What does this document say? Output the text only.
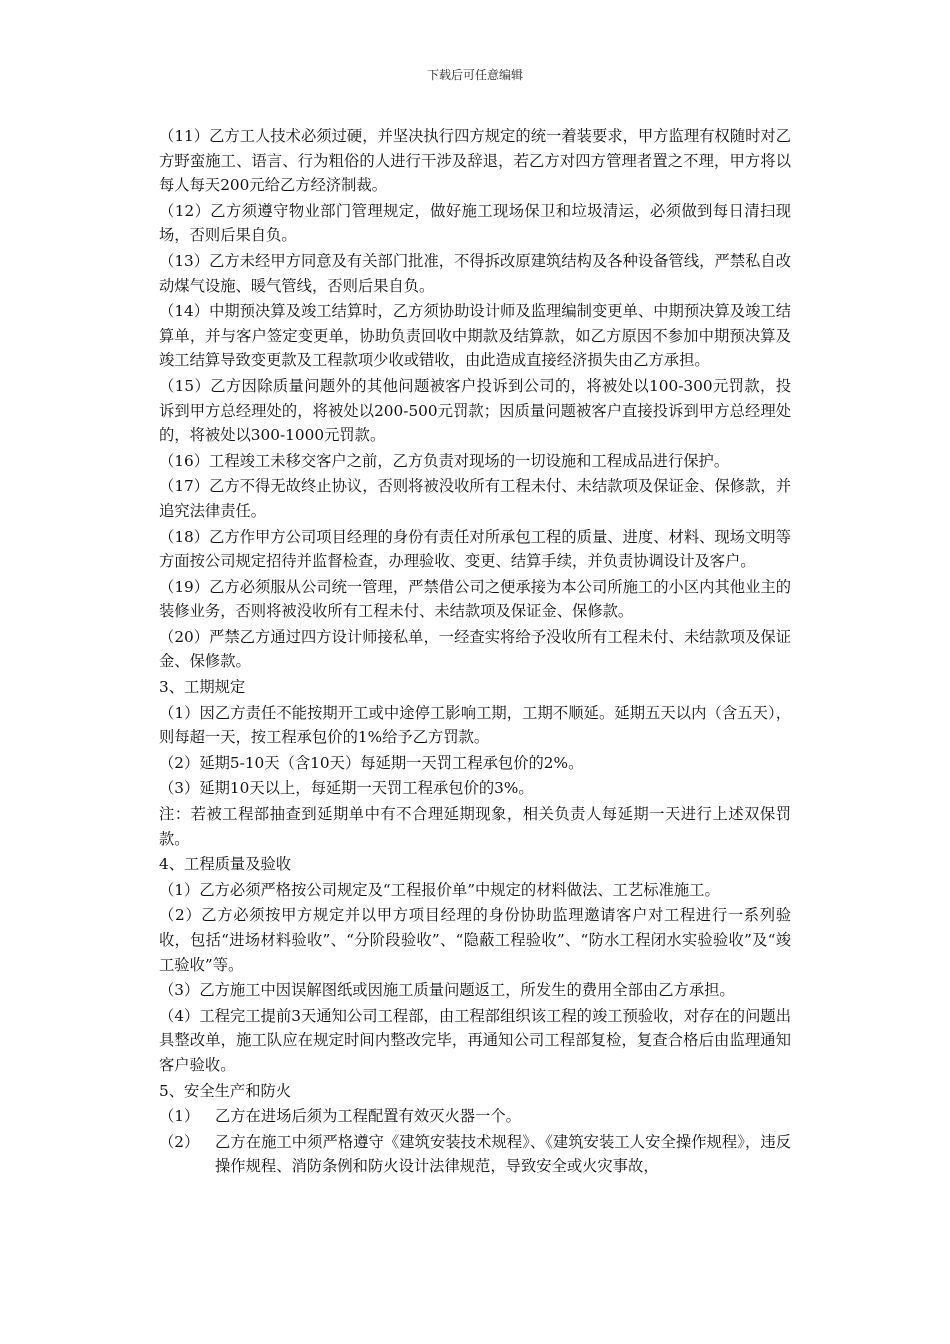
下载后可任意编辑

（11）乙方工人技术必须过硬，并坚决执行四方规定的统一着装要求，甲方监理有权随时对乙方野蛮施工、语言、行为粗俗的人进行干涉及辞退，若乙方对四方管理者置之不理，甲方将以每人每天200元给乙方经济制裁。

（12）乙方须遵守物业部门管理规定，做好施工现场保卫和垃圾清运，必须做到每日清扫现场，否则后果自负。

（13）乙方未经甲方同意及有关部门批准，不得拆改原建筑结构及各种设备管线，严禁私自改动煤气设施、暖气管线，否则后果自负。

（14）中期预决算及竣工结算时，乙方须协助设计师及监理编制变更单、中期预决算及竣工结算单，并与客户签定变更单，协助负责回收中期款及结算款，如乙方原因不参加中期预决算及竣工结算导致变更款及工程款项少收或错收，由此造成直接经济损失由乙方承担。

（15）乙方因除质量问题外的其他问题被客户投诉到公司的，将被处以100-300元罚款，投诉到甲方总经理处的，将被处以200-500元罚款；因质量问题被客户直接投诉到甲方总经理处的，将被处以300-1000元罚款。

（16）工程竣工未移交客户之前，乙方负责对现场的一切设施和工程成品进行保护。

（17）乙方不得无故终止协议，否则将被没收所有工程未付、未结款项及保证金、保修款，并追究法律责任。

（18）乙方作甲方公司项目经理的身份有责任对所承包工程的质量、进度、材料、现场文明等方面按公司规定招待并监督检查，办理验收、变更、结算手续，并负责协调设计及客户。

（19）乙方必须服从公司统一管理，严禁借公司之便承接为本公司所施工的小区内其他业主的装修业务，否则将被没收所有工程未付、未结款项及保证金、保修款。

（20）严禁乙方通过四方设计师接私单，一经查实将给予没收所有工程未付、未结款项及保证金、保修款。

3、工期规定

（1）因乙方责任不能按期开工或中途停工影响工期，工期不顺延。延期五天以内（含五天），则每超一天，按工程承包价的1%给予乙方罚款。

（2）延期5-10天（含10天）每延期一天罚工程承包价的2%。

（3）延期10天以上，每延期一天罚工程承包价的3%。

注：若被工程部抽查到延期单中有不合理延期现象，相关负责人每延期一天进行上述双保罚款。

4、工程质量及验收

（1）乙方必须严格按公司规定及“工程报价单”中规定的材料做法、工艺标准施工。

（2）乙方必须按甲方规定并以甲方项目经理的身份协助监理邀请客户对工程进行一系列验收，包括“进场材料验收”、“分阶段验收”、“隐蔽工程验收”、“防水工程闭水实验验收”及“竣工验收”等。

（3）乙方施工中因误解图纸或因施工质量问题返工，所发生的费用全部由乙方承担。

（4）工程完工提前3天通知公司工程部，由工程部组织该工程的竣工预验收，对存在的问题出具整改单，施工队应在规定时间内整改完毕，再通知公司工程部复检，复查合格后由监理通知客户验收。

5、安全生产和防火

（1）	乙方在进场后须为工程配置有效灭火器一个。
（2）	乙方在施工中须严格遵守《建筑安装技术规程》、《建筑安装工人安全操作规程》，违反操作规程、消防条例和防火设计法律规范，导致安全或火灾事故，
